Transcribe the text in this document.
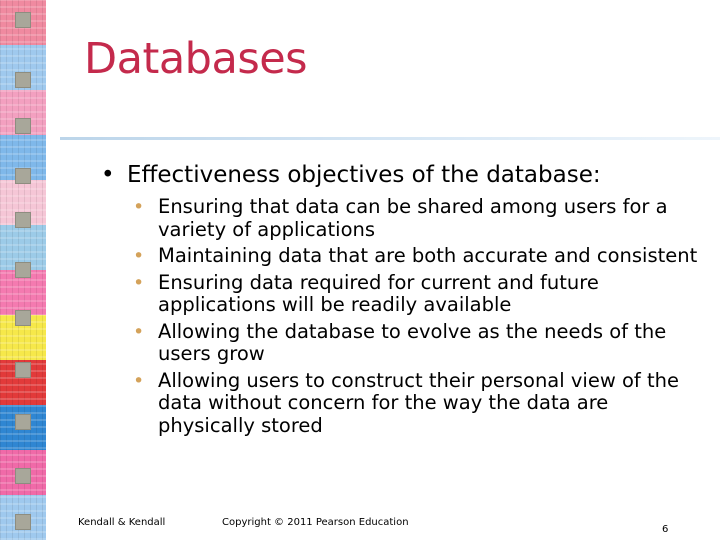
Databases
• Effectiveness objectives of the database:
• Ensuring that data can be shared among users for a variety of applications
• Maintaining data that are both accurate and consistent
• Ensuring data required for current and future applications will be readily available
• Allowing the database to evolve as the needs of the users grow
• Allowing users to construct their personal view of the data without concern for the way the data are physically stored
Kendall & Kendall	Copyright © 2011 Pearson Education
6
